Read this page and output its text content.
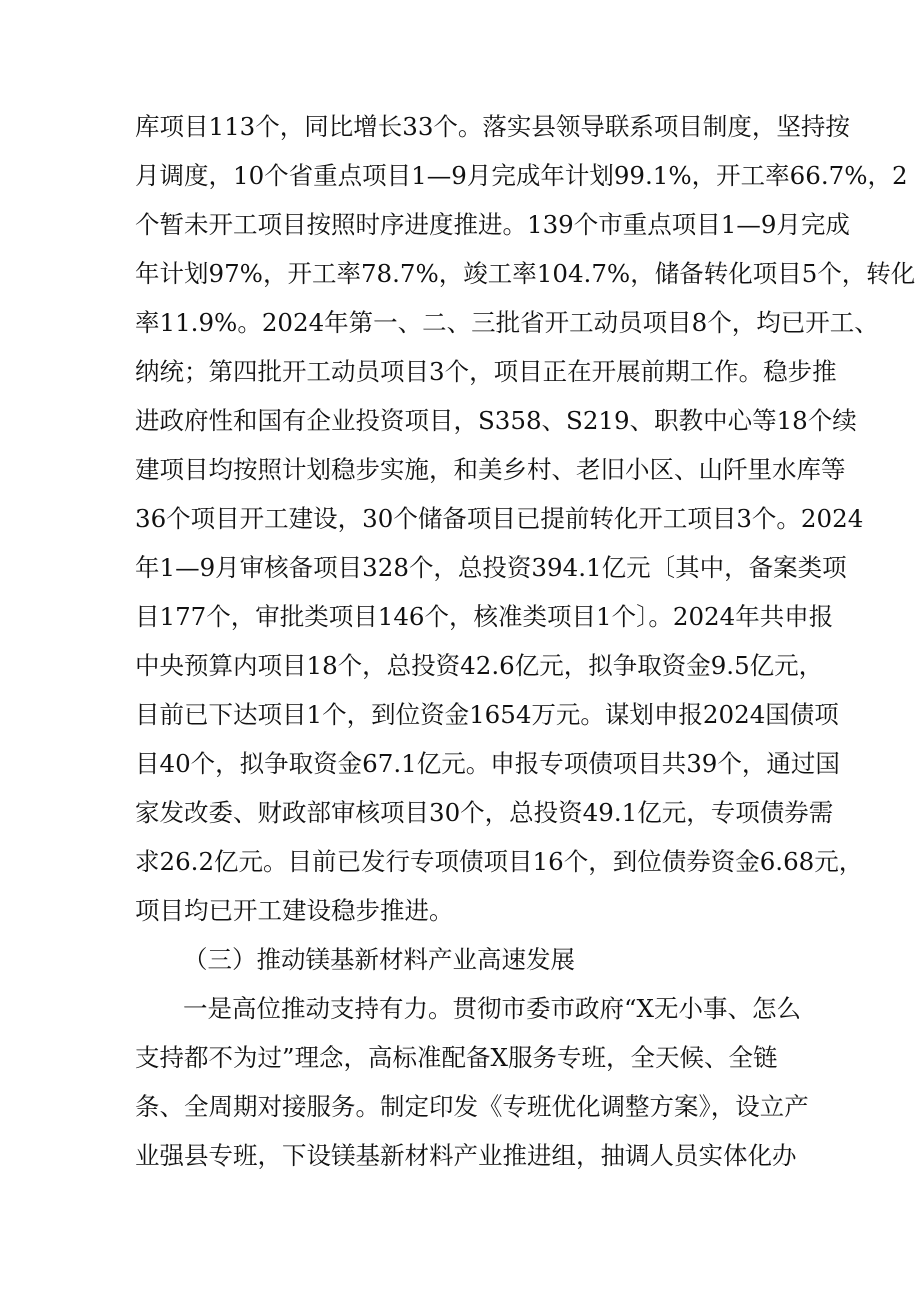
库项目113个，同比增长33个。落实县领导联系项目制度，坚持按
月调度，10个省重点项目1—9月完成年计划99.1%，开工率66.7%，2
个暂未开工项目按照时序进度推进。139个市重点项目1—9月完成
年计划97%，开工率78.7%，竣工率104.7%，储备转化项目5个，转化
率11.9%。2024年第一、二、三批省开工动员项目8个，均已开工、
纳统；第四批开工动员项目3个，项目正在开展前期工作。稳步推
进政府性和国有企业投资项目，S358、S219、职教中心等18个续
建项目均按照计划稳步实施，和美乡村、老旧小区、山阡里水库等
36个项目开工建设，30个储备项目已提前转化开工项目3个。2024
年1—9月审核备项目328个，总投资394.1亿元〔其中，备案类项
目177个，审批类项目146个，核准类项目1个〕。2024年共申报
中央预算内项目18个，总投资42.6亿元，拟争取资金9.5亿元，
目前已下达项目1个，到位资金1654万元。谋划申报2024国债项
目40个，拟争取资金67.1亿元。申报专项债项目共39个，通过国
家发改委、财政部审核项目30个，总投资49.1亿元，专项债券需
求26.2亿元。目前已发行专项债项目16个，到位债券资金6.68元，
项目均已开工建设稳步推进。
（三）推动镁基新材料产业高速发展
一是高位推动支持有力。贯彻市委市政府“X无小事、怎么
支持都不为过”理念，高标准配备X服务专班，全天候、全链
条、全周期对接服务。制定印发《专班优化调整方案》，设立产
业强县专班，下设镁基新材料产业推进组，抽调人员实体化办
